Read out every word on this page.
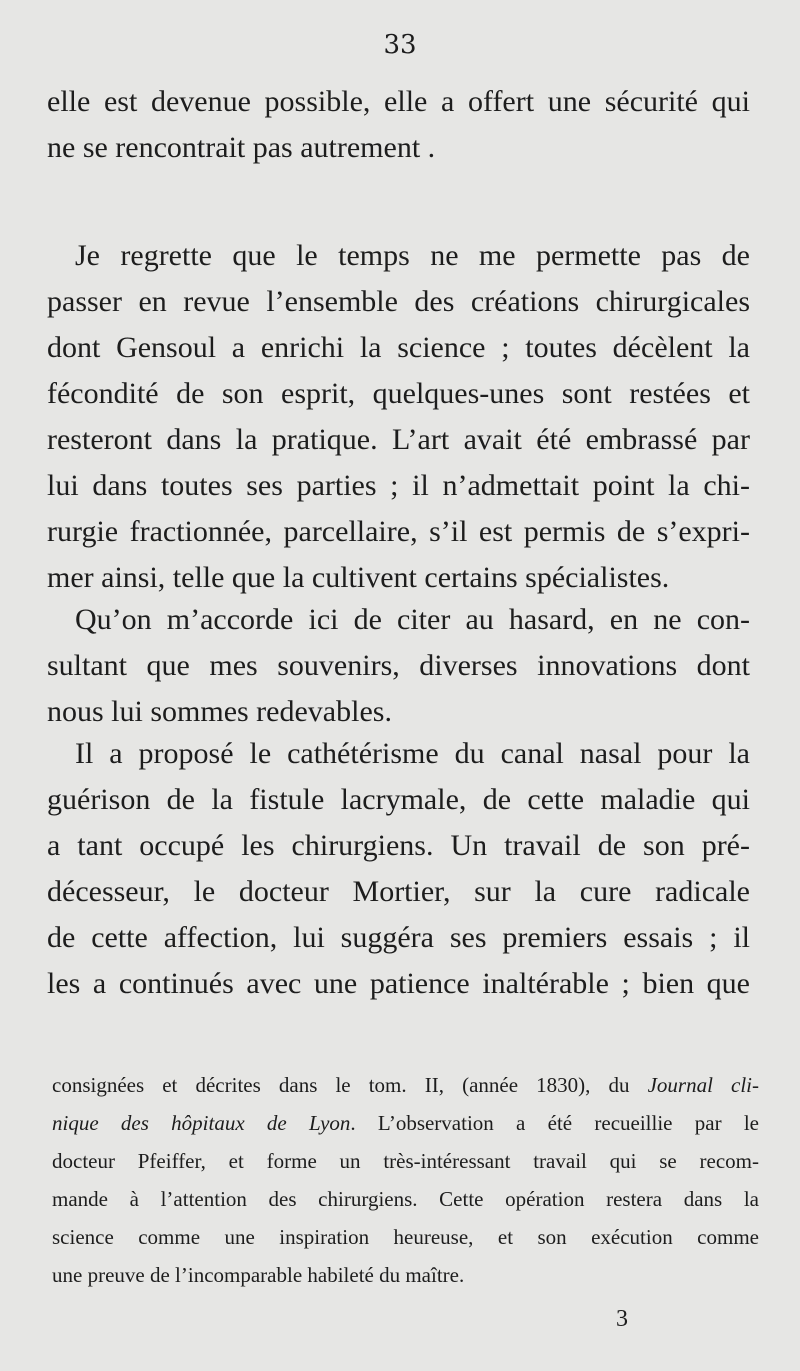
33
elle est devenue possible, elle a offert une sécurité qui
ne se rencontrait pas autrement .
Je regrette que le temps ne me permette pas de
passer en revue l’ensemble des créations chirurgicales
dont Gensoul a enrichi la science ; toutes décèlent la
fécondité de son esprit, quelques-unes sont restées et
resteront dans la pratique. L’art avait été embrassé par
lui dans toutes ses parties ; il n’admettait point la chi-
rurgie fractionnée, parcellaire, s’il est permis de s’expri-
mer ainsi, telle que la cultivent certains spécialistes.
Qu’on m’accorde ici de citer au hasard, en ne con-
sultant que mes souvenirs, diverses innovations dont
nous lui sommes redevables.
Il a proposé le cathétérisme du canal nasal pour la
guérison de la fistule lacrymale, de cette maladie qui
a tant occupé les chirurgiens. Un travail de son pré-
décesseur, le docteur Mortier, sur la cure radicale
de cette affection, lui suggéra ses premiers essais ; il
les a continués avec une patience inaltérable ; bien que
consignées et décrites dans le tom. II, (année 1830), du Journal cli-
nique des hôpitaux de Lyon. L’observation a été recueillie par le
docteur Pfeiffer, et forme un très-intéressant travail qui se recom-
mande à l’attention des chirurgiens. Cette opération restera dans la
science comme une inspiration heureuse, et son exécution comme
une preuve de l’incomparable habileté du maître.
3
